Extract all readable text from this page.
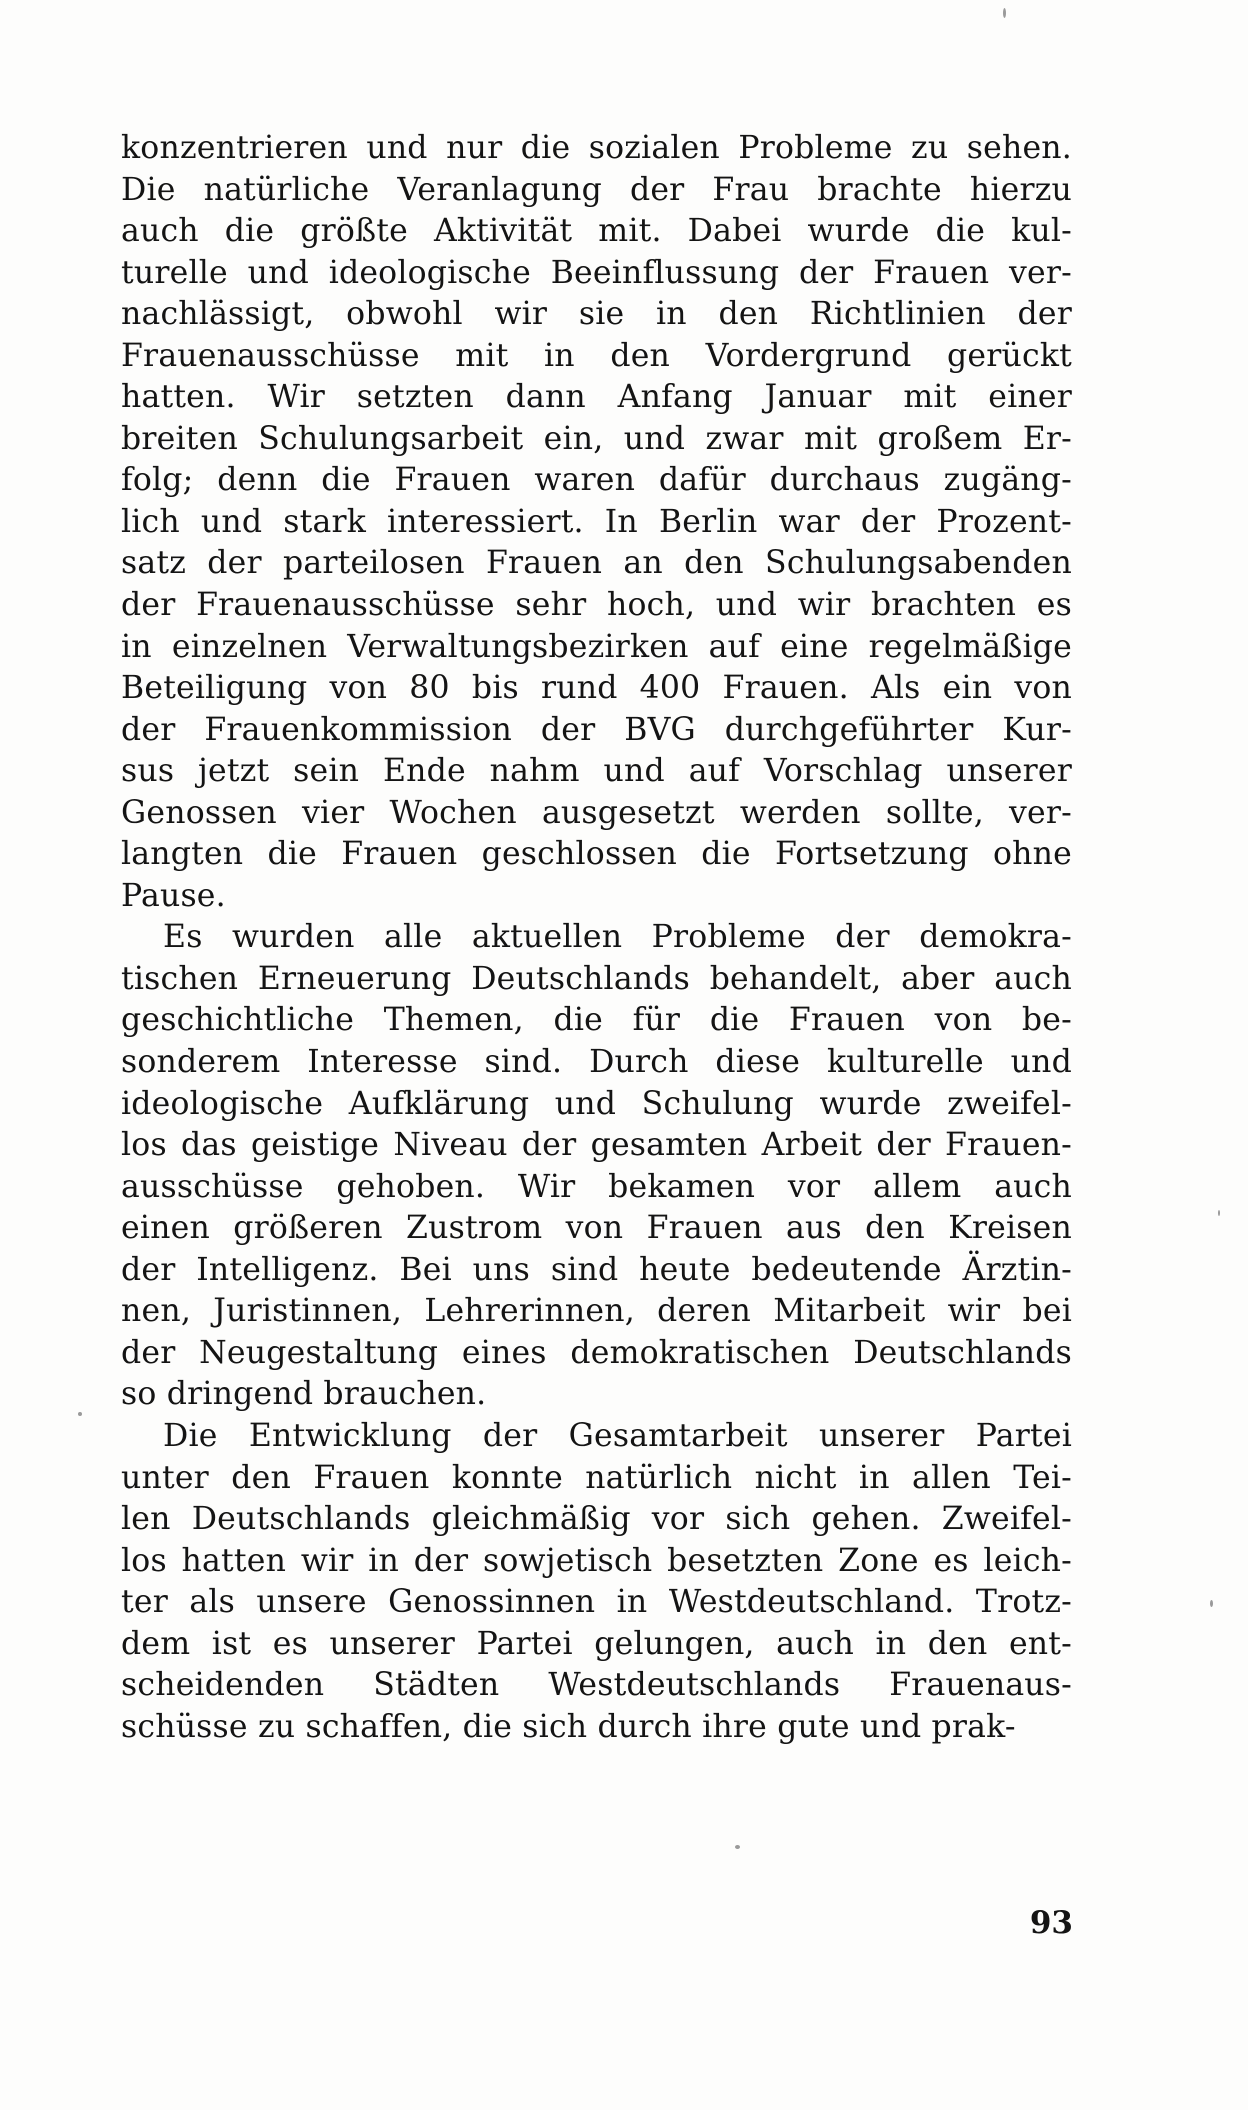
konzentrieren und nur die sozialen Probleme zu sehen.
Die natürliche Veranlagung der Frau brachte hierzu
auch die größte Aktivität mit. Dabei wurde die kul-
turelle und ideologische Beeinflussung der Frauen ver-
nachlässigt, obwohl wir sie in den Richtlinien der
Frauenausschüsse mit in den Vordergrund gerückt
hatten. Wir setzten dann Anfang Januar mit einer
breiten Schulungsarbeit ein, und zwar mit großem Er-
folg; denn die Frauen waren dafür durchaus zugäng-
lich und stark interessiert. In Berlin war der Prozent-
satz der parteilosen Frauen an den Schulungsabenden
der Frauenausschüsse sehr hoch, und wir brachten es
in einzelnen Verwaltungsbezirken auf eine regelmäßige
Beteiligung von 80 bis rund 400 Frauen. Als ein von
der Frauenkommission der BVG durchgeführter Kur-
sus jetzt sein Ende nahm und auf Vorschlag unserer
Genossen vier Wochen ausgesetzt werden sollte, ver-
langten die Frauen geschlossen die Fortsetzung ohne
Pause.
Es wurden alle aktuellen Probleme der demokra-
tischen Erneuerung Deutschlands behandelt, aber auch
geschichtliche Themen, die für die Frauen von be-
sonderem Interesse sind. Durch diese kulturelle und
ideologische Aufklärung und Schulung wurde zweifel-
los das geistige Niveau der gesamten Arbeit der Frauen-
ausschüsse gehoben. Wir bekamen vor allem auch
einen größeren Zustrom von Frauen aus den Kreisen
der Intelligenz. Bei uns sind heute bedeutende Ärztin-
nen, Juristinnen, Lehrerinnen, deren Mitarbeit wir bei
der Neugestaltung eines demokratischen Deutschlands
so dringend brauchen.
Die Entwicklung der Gesamtarbeit unserer Partei
unter den Frauen konnte natürlich nicht in allen Tei-
len Deutschlands gleichmäßig vor sich gehen. Zweifel-
los hatten wir in der sowjetisch besetzten Zone es leich-
ter als unsere Genossinnen in Westdeutschland. Trotz-
dem ist es unserer Partei gelungen, auch in den ent-
scheidenden Städten Westdeutschlands Frauenaus-
schüsse zu schaffen, die sich durch ihre gute und prak-
93
